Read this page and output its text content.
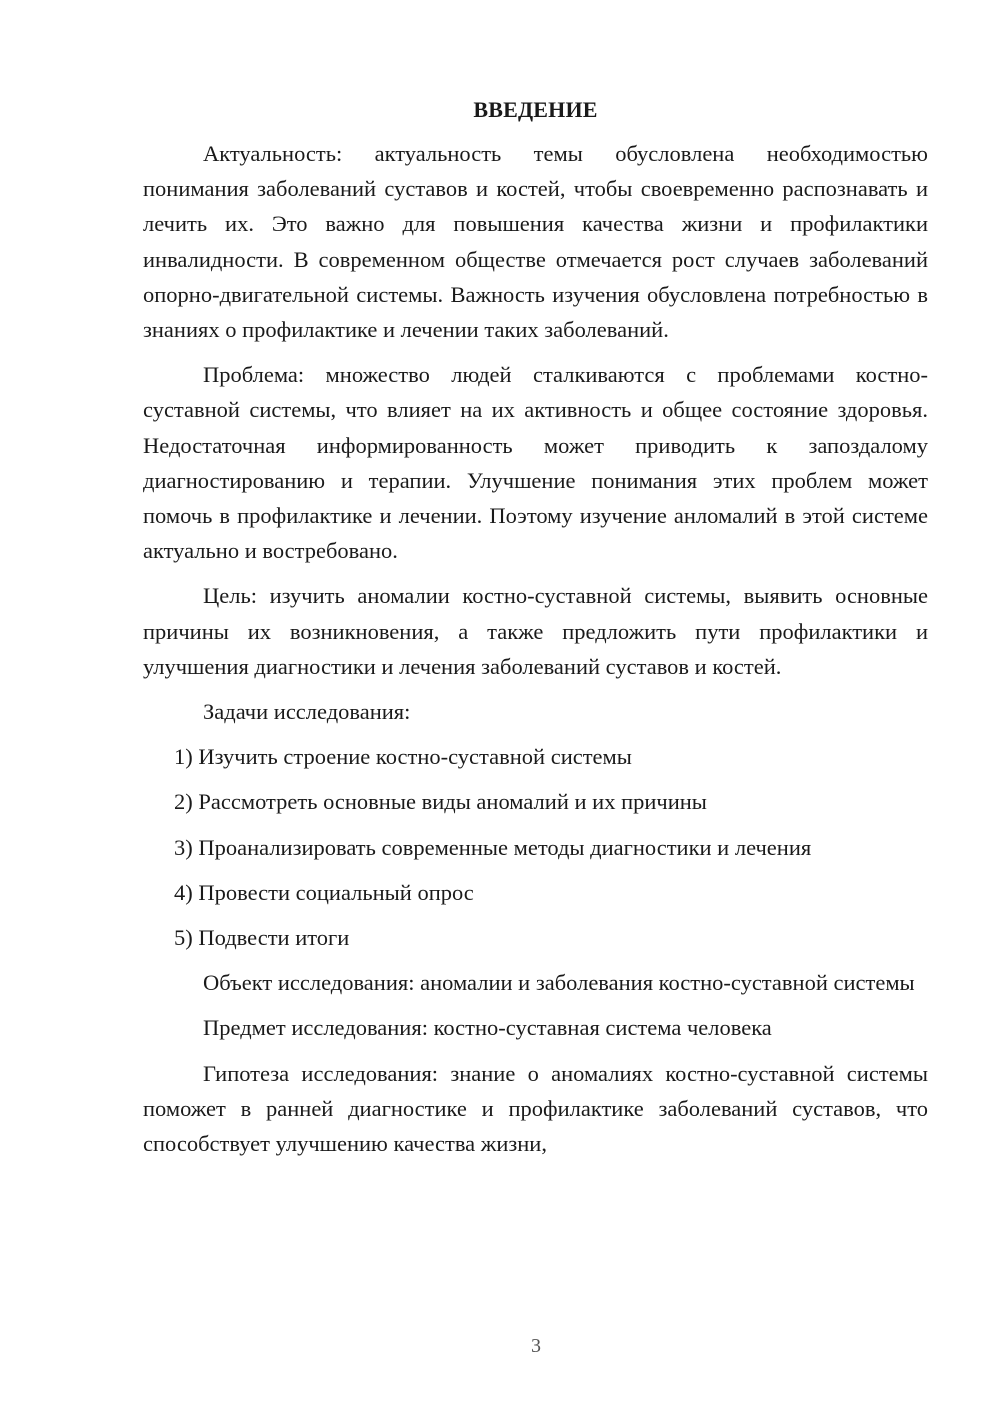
ВВЕДЕНИЕ

Актуальность: актуальность темы обусловлена необходимостью понимания заболеваний суставов и костей, чтобы своевременно распознавать и лечить их. Это важно для повышения качества жизни и профилактики инвалидности. В современном обществе отмечается рост случаев заболеваний опорно-двигательной системы. Важность изучения обусловлена потребностью в знаниях о профилактике и лечении таких заболеваний.

Проблема: множество людей сталкиваются с проблемами костно-суставной системы, что влияет на их активность и общее состояние здоровья. Недостаточная информированность может приводить к запоздалому диагностированию и терапии. Улучшение понимания этих проблем может помочь в профилактике и лечении. Поэтому изучение анломалий в этой системе актуально и востребовано.

Цель: изучить аномалии костно-суставной системы, выявить основные причины их возникновения, а также предложить пути профилактики и улучшения диагностики и лечения заболеваний суставов и костей.

Задачи исследования:

1) Изучить строение костно-суставной системы
2) Рассмотреть основные виды аномалий и их причины
3) Проанализировать современные методы диагностики и лечения
4) Провести социальный опрос
5) Подвести итоги

Объект исследования: аномалии и заболевания костно-суставной системы

Предмет исследования: костно-суставная система человека

Гипотеза исследования: знание о аномалиях костно-суставной системы поможет в ранней диагностике и профилактике заболеваний суставов, что способствует улучшению качества жизни,

3
